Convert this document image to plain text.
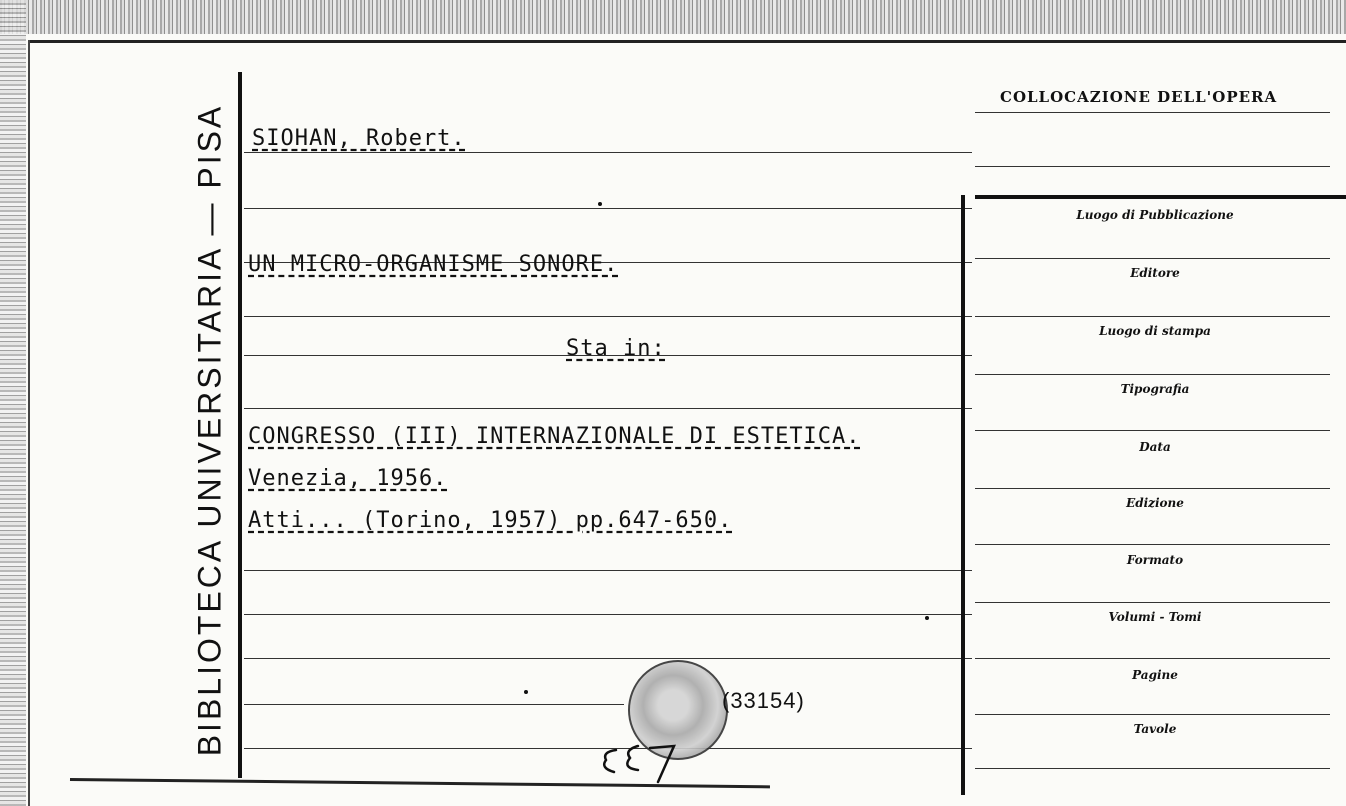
BIBLIOTECA UNIVERSITARIA — PISA SIOHAN, Robert.
UN MICRO-ORGANISME SONORE.
Sta in:
CONGRESSO (III) INTERNAZIONALE DI ESTETICA.
Venezia, 1956.
Atti... (Torino, 1957) pp.647-650.
(33154)
COLLOCAZIONE DELL'OPERA
Luogo di Pubblicazione
Editore
Luogo di stampa
Tipografia
Data
Edizione
Formato
Volumi - Tomi
Pagine
Tavole
